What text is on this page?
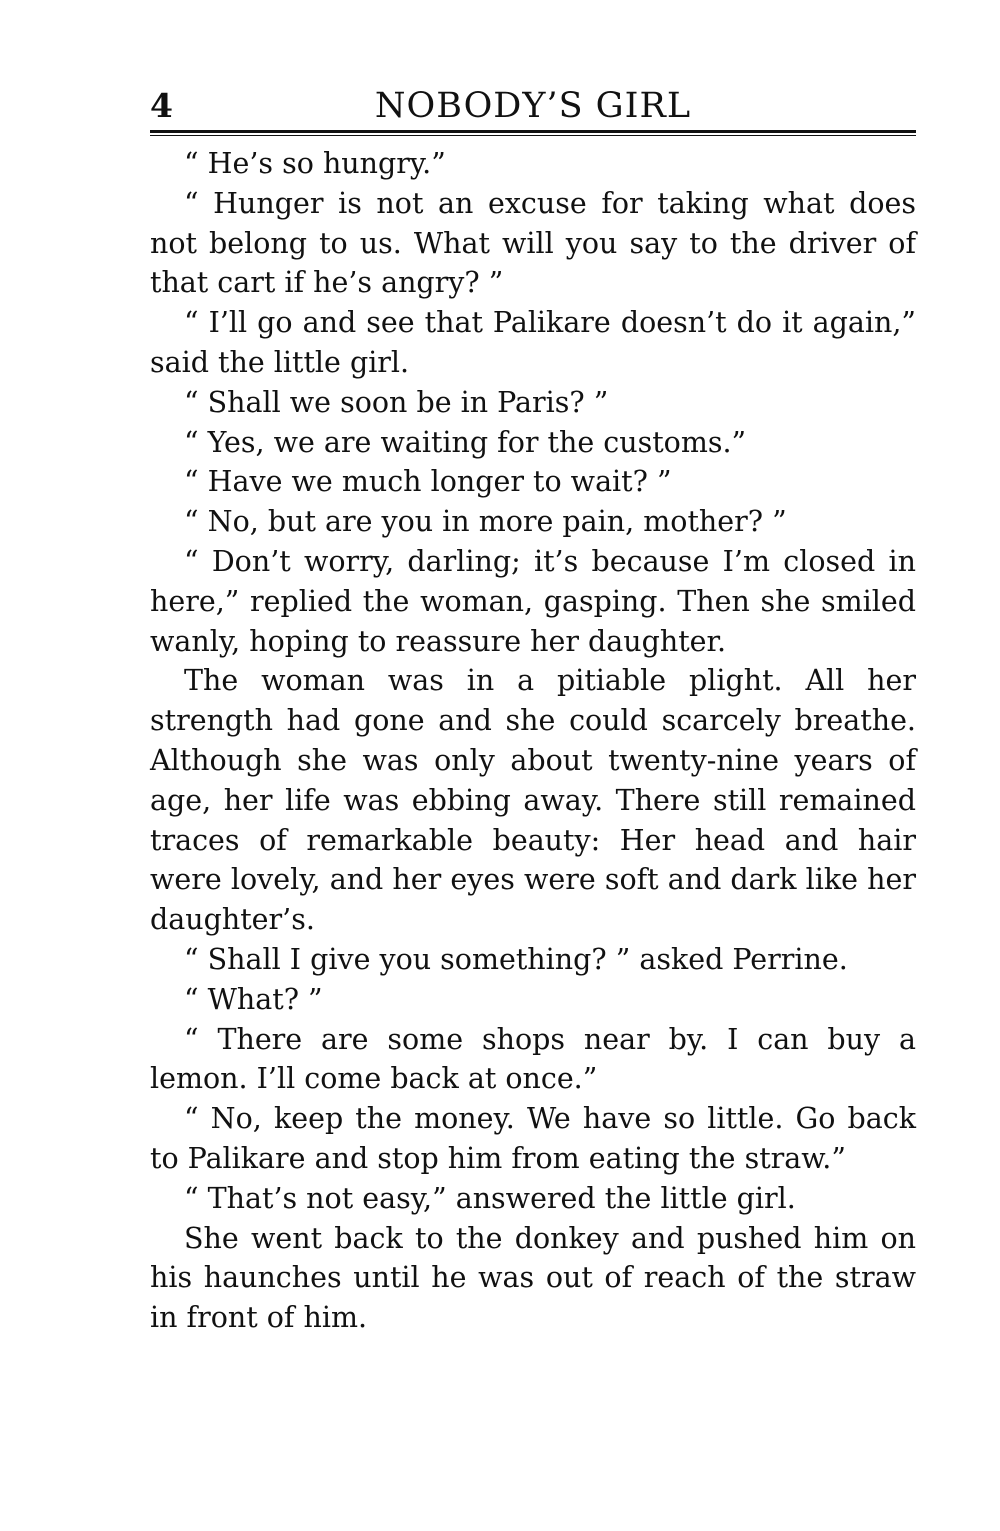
4	NOBODY’S GIRL

“ He’s so hungry.”

“ Hunger is not an excuse for taking what does not belong to us. What will you say to the driver of that cart if he’s angry? ”

“ I’ll go and see that Palikare doesn’t do it again,” said the little girl.

“ Shall we soon be in Paris? ”

“ Yes, we are waiting for the customs.”

“ Have we much longer to wait? ”

“ No, but are you in more pain, mother? ”

“ Don’t worry, darling; it’s because I’m closed in here,” replied the woman, gasping. Then she smiled wanly, hoping to reassure her daughter.

The woman was in a pitiable plight. All her strength had gone and she could scarcely breathe. Although she was only about twenty-nine years of age, her life was ebbing away. There still remained traces of remarkable beauty: Her head and hair were lovely, and her eyes were soft and dark like her daughter’s.

“ Shall I give you something? ” asked Perrine.

“ What? ”

“ There are some shops near by. I can buy a lemon. I’ll come back at once.”

“ No, keep the money. We have so little. Go back to Palikare and stop him from eating the straw.”

“ That’s not easy,” answered the little girl.

She went back to the donkey and pushed him on his haunches until he was out of reach of the straw in front of him.
